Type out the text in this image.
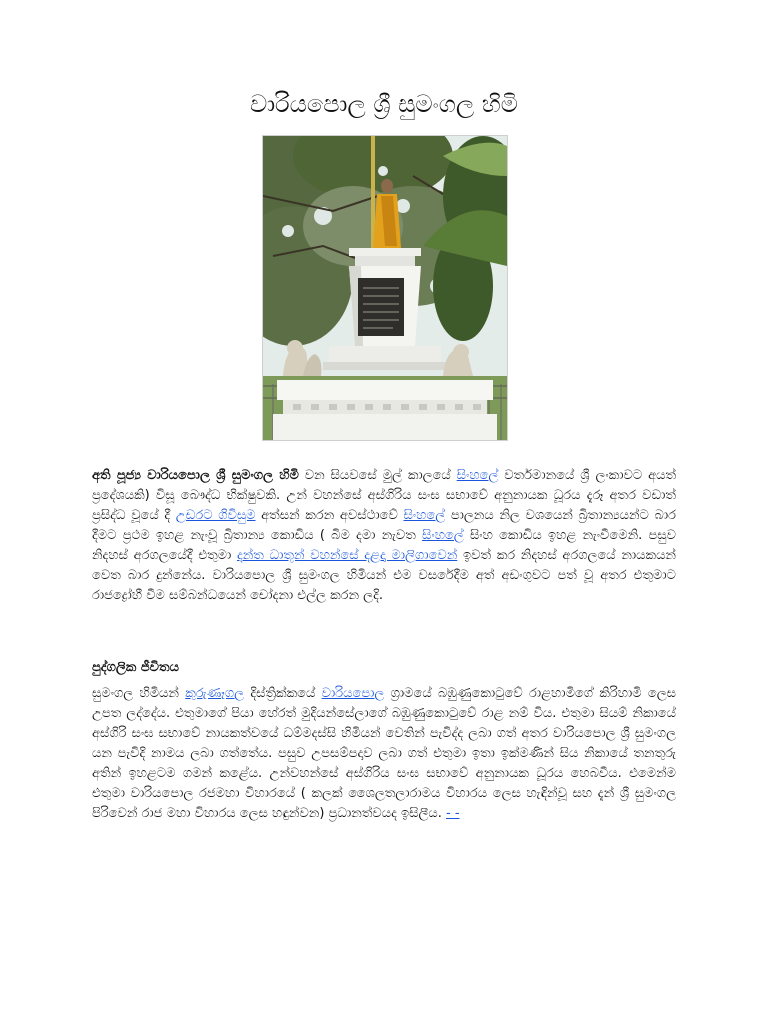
වාරියපොල ශ්‍රී සුමංගල හිමි
අති පූජ්‍ය වාරියපොල ශ්‍රී සුමංගල හිමි වන සියවසේ මුල් කාලයේ සිංහලේ වර්තමානයේ ශ්‍රී ලංකාවට අයත් ප්‍රදේශයකි) විසූ බෞද්ධ භික්ෂුවකි. උන් වහන්සේ අස්ගිරිය සංඝ සභාවේ අනුනායක ධූරය දැරූ අතර වඩාත් ප්‍රසිද්ධ වූයේ දී උඩරට ගිවිසුම අත්සන් කරන අවස්ථාවේ සිංහලේ පාලනය නිල වශයෙන් බ්‍රිතාන්‍යයන්ට බාර දීමට ප්‍රථම ඉහළ නැංවූ බ්‍රිතාන්‍ය කොඩිය ( බිම දමා නැවත සිංහලේ සිංහ කොඩිය ඉහළ නැංවීමෙනි. පසුව නිදහස් අරගලයේදී එතුමා දන්ත ධාතූන් වහන්සේ දළදා මාලිගාවෙන් ඉවත් කර නිදහස් අරගලයේ නායකයන් වෙත බාර දුන්නේය. වාරියපොල ශ්‍රී සුමංගල හිමියන් එම වසරේදීම අත් අඩංගුවට පත් වූ අතර එතුමාට රාජද්‍රෝහී වීම සම්බන්ධයෙන් චෝදනා එල්ල කරන ලදි.
පුද්ගලික ජීවිතය
සුමංගල හිමියන් කුරුණෑගල දිස්ත්‍රික්කයේ වාරියපොල ග්‍රාමයේ බඹුණුකොටුවේ රාළහාමිගේ කිරිහාමි ලෙස උපත ලද්දේය. එතුමාගේ පියා හේරත් මුදියන්සේලාගේ බඹුණුකොටුවේ රාළ නම් විය. එතුමා සියම් නිකායේ අස්ගිරි සංඝ සභාවේ නායකත්වයේ ධම්මදස්සි හිමියන් වෙතින් පැවිද්ද ලබා ගත් අතර වාරියපොල ශ්‍රී සුමංගල යන පැවිදි නාමය ලබා ගත්තේය. පසුව උපසම්පදාව ලබා ගත් එතුමා ඉතා ඉක්මණින් සිය නිකායේ තනතුරු අතින් ඉහළටම ගමන් කළේය. උන්වහන්සේ අස්ගිරිය සංඝ සභාවේ අනුනායක ධූරය හෙබවීය. එමෙන්ම එතුමා වාරියපොල රජමහා විහාරයේ ( කලක් ශෛලතලාරාමය විහාරය ලෙස හැඳින්වූ සහ දැන් ශ්‍රී සුමංගල පිරිවෙන් රාජ මහා විහාරය ලෙස හඳුන්වන) ප්‍රධානත්වයද ඉසිලීය. - -
